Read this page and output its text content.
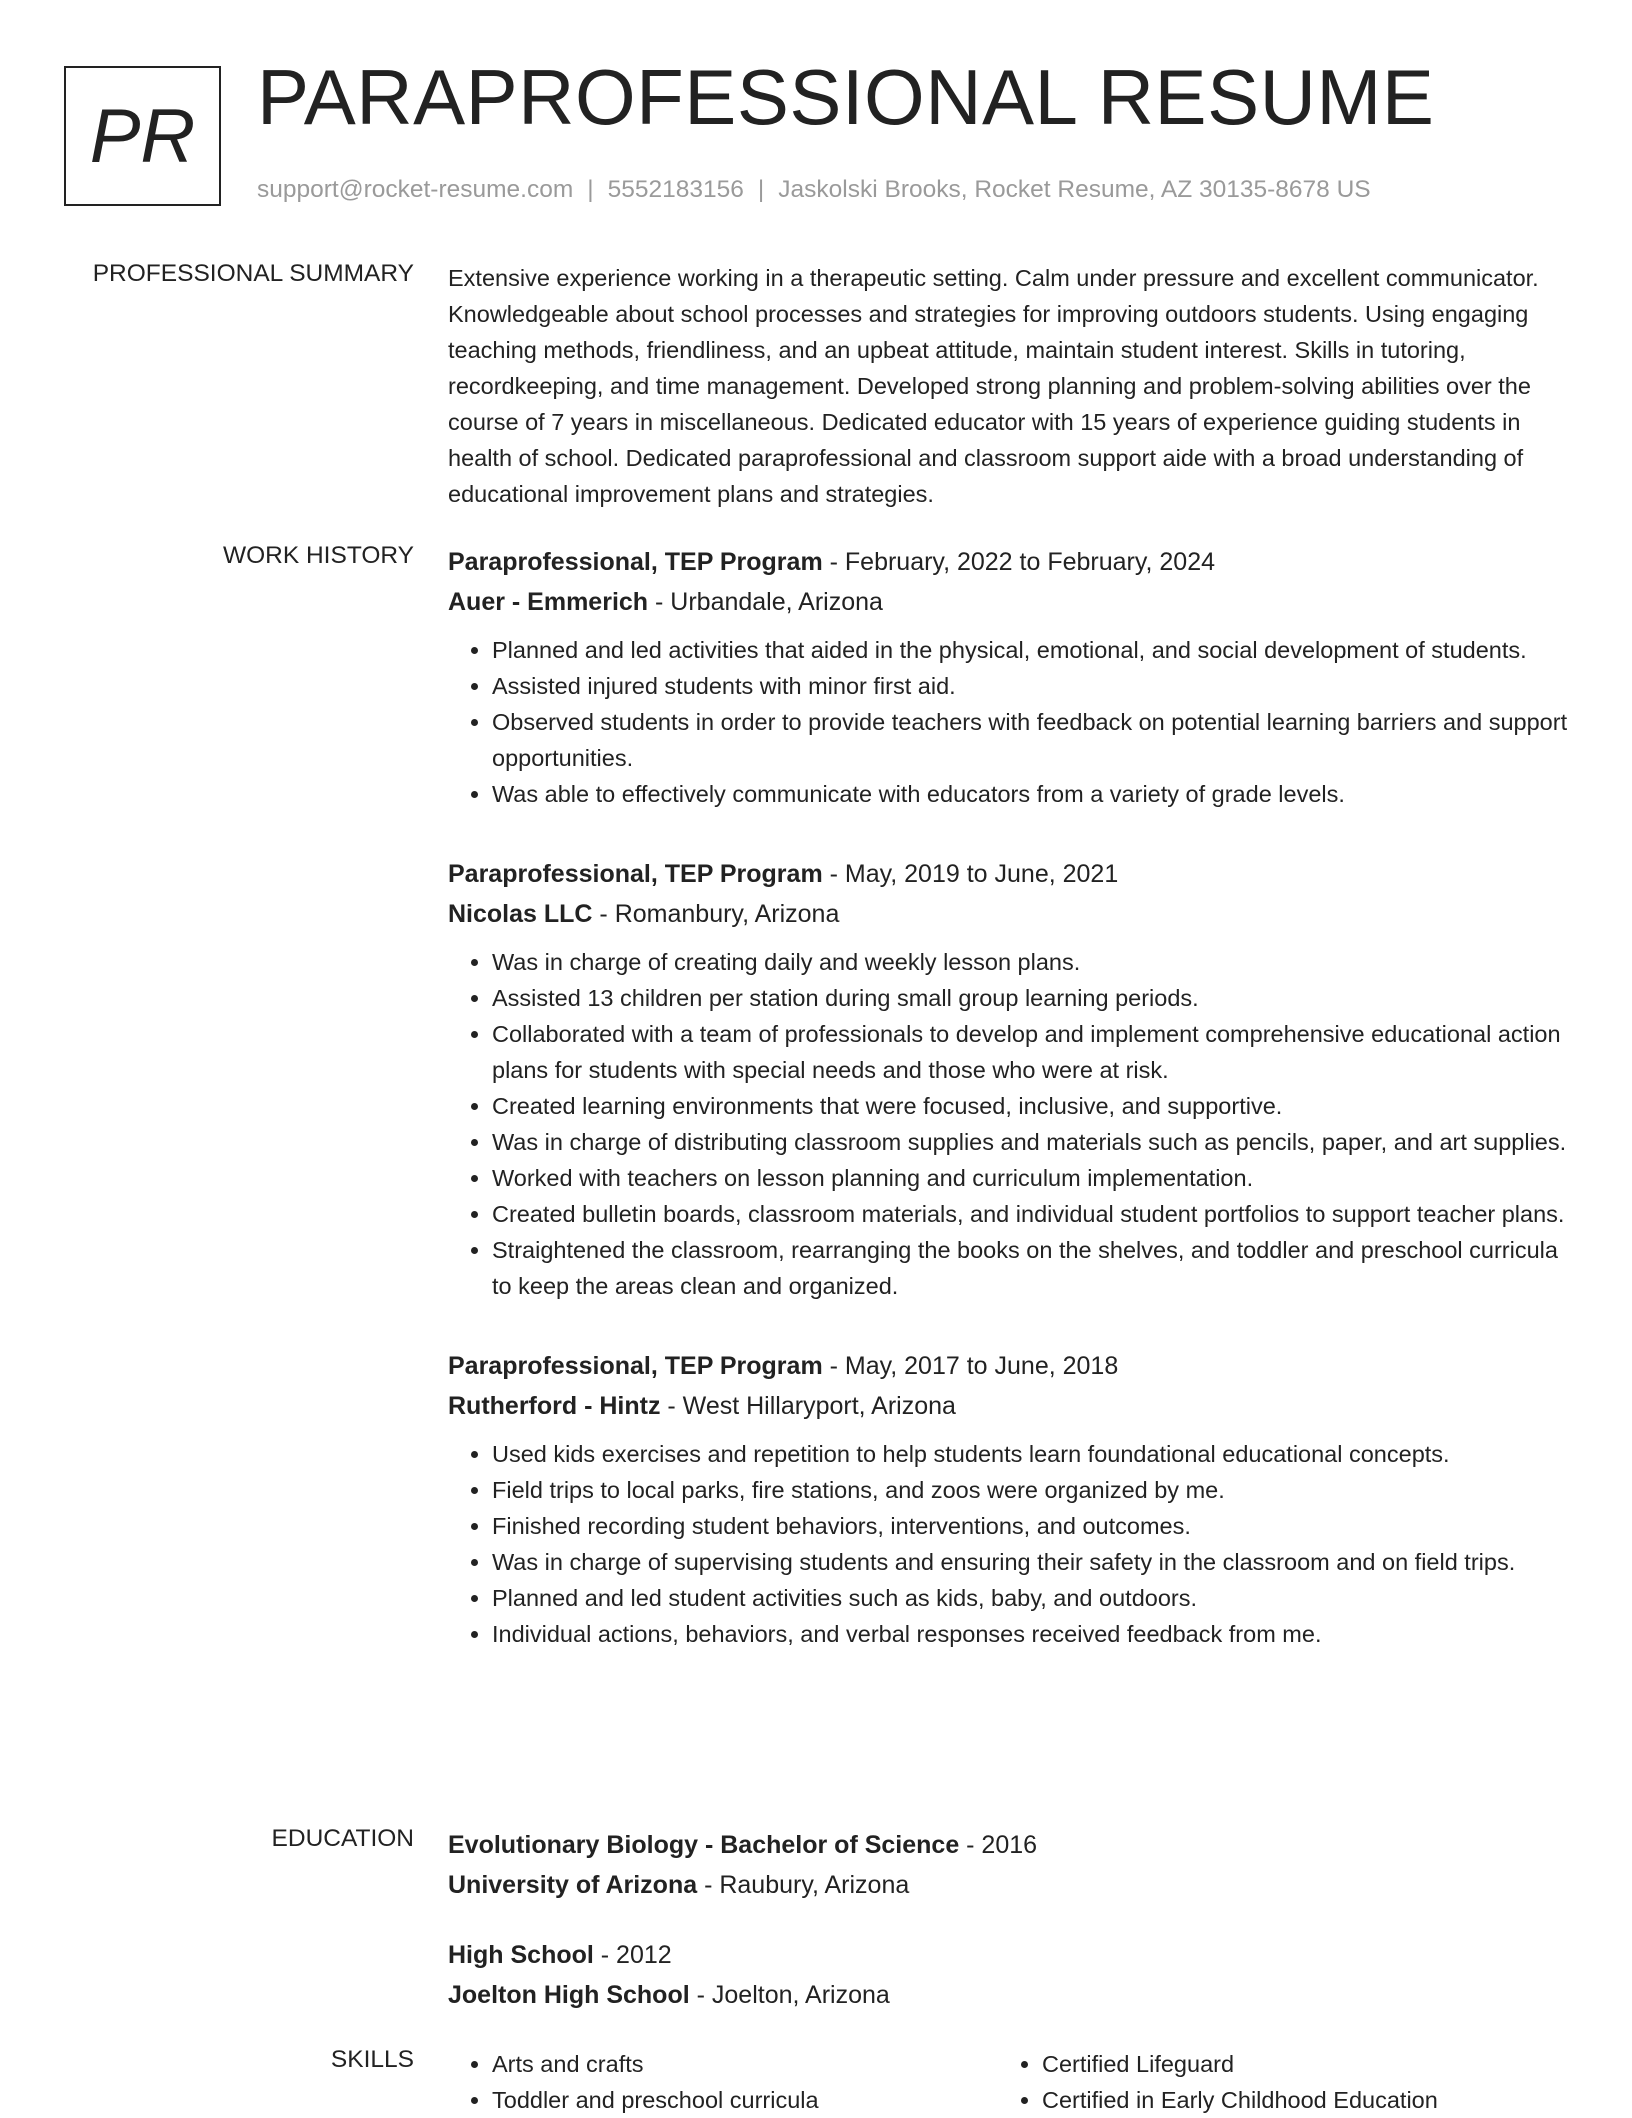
PR PARAPROFESSIONAL RESUME
support@rocket-resume.com | 5552183156 | Jaskolski Brooks, Rocket Resume, AZ 30135-8678 US
PROFESSIONAL SUMMARY Extensive experience working in a therapeutic setting. Calm under pressure and excellent communicator. Knowledgeable about school processes and strategies for improving outdoors students. Using engaging teaching methods, friendliness, and an upbeat attitude, maintain student interest. Skills in tutoring, recordkeeping, and time management. Developed strong planning and problem-solving abilities over the course of 7 years in miscellaneous. Dedicated educator with 15 years of experience guiding students in health of school. Dedicated paraprofessional and classroom support aide with a broad understanding of educational improvement plans and strategies.

WORK HISTORY Paraprofessional, TEP Program - February, 2022 to February, 2024

Auer - Emmerich - Urbandale, Arizona

• Planned and led activities that aided in the physical, emotional, and social development of students.
• Assisted injured students with minor first aid.
• Observed students in order to provide teachers with feedback on potential learning barriers and support opportunities.
• Was able to effectively communicate with educators from a variety of grade levels.

Paraprofessional, TEP Program - May, 2019 to June, 2021

Nicolas LLC - Romanbury, Arizona

• Was in charge of creating daily and weekly lesson plans.
• Assisted 13 children per station during small group learning periods.
• Collaborated with a team of professionals to develop and implement comprehensive educational action plans for students with special needs and those who were at risk.
• Created learning environments that were focused, inclusive, and supportive.
• Was in charge of distributing classroom supplies and materials such as pencils, paper, and art supplies.
• Worked with teachers on lesson planning and curriculum implementation.
• Created bulletin boards, classroom materials, and individual student portfolios to support teacher plans.
• Straightened the classroom, rearranging the books on the shelves, and toddler and preschool curricula to keep the areas clean and organized.

Paraprofessional, TEP Program - May, 2017 to June, 2018

Rutherford - Hintz - West Hillaryport, Arizona

• Used kids exercises and repetition to help students learn foundational educational concepts.
• Field trips to local parks, fire stations, and zoos were organized by me.
• Finished recording student behaviors, interventions, and outcomes.
• Was in charge of supervising students and ensuring their safety in the classroom and on field trips.
• Planned and led student activities such as kids, baby, and outdoors.
• Individual actions, behaviors, and verbal responses received feedback from me.
EDUCATION Evolutionary Biology - Bachelor of Science - 2016

University of Arizona - Raubury, Arizona

High School - 2012

Joelton High School - Joelton, Arizona

SKILLS
•	Arts and crafts
• Toddler and preschool curricula
• Certified Lifeguard
• Certified in Early Childhood Education
